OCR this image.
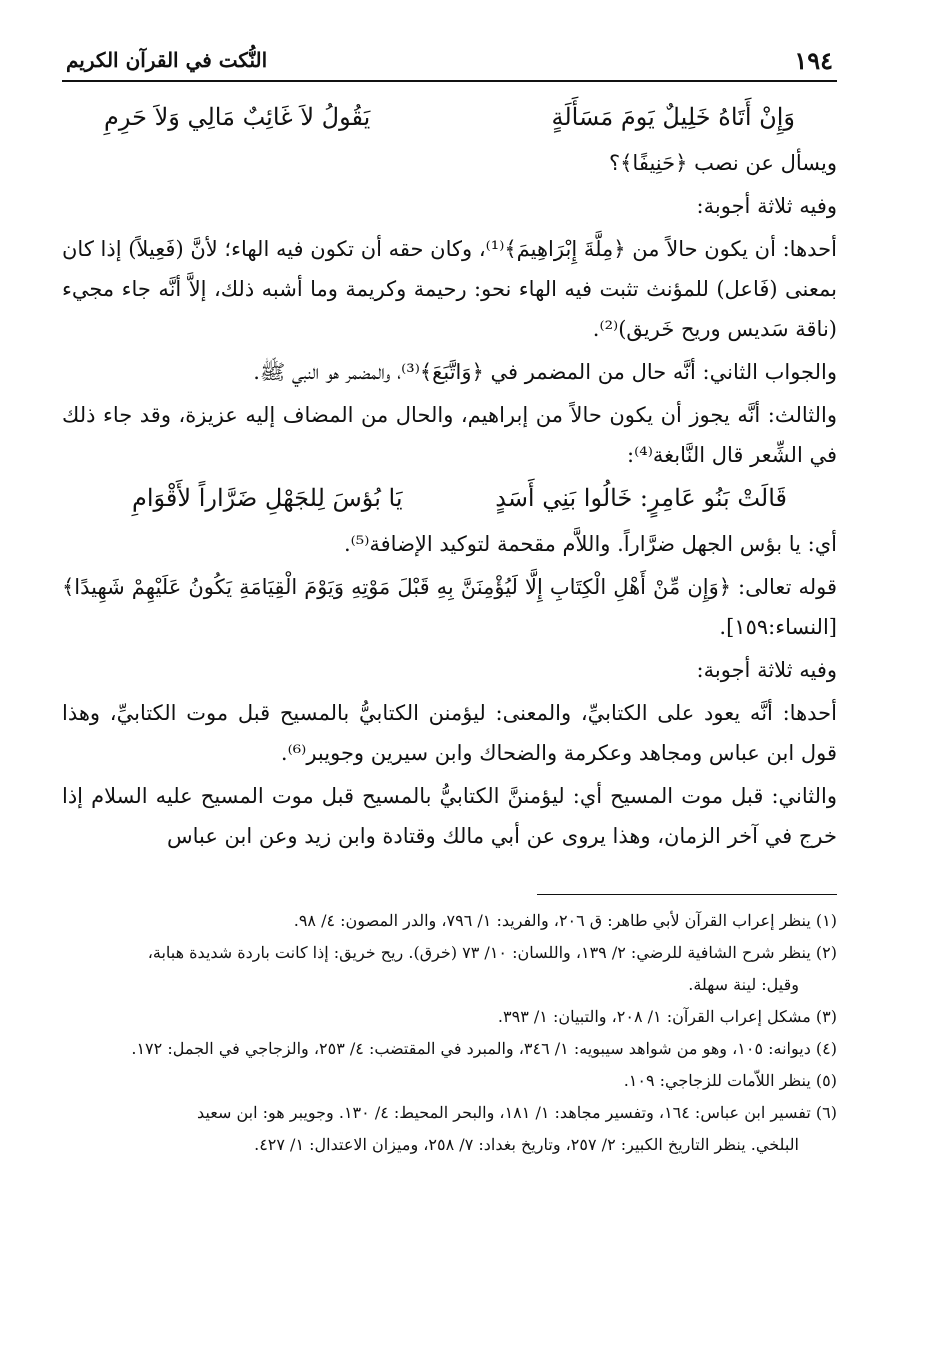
١٩٤
النُّكت في القرآن الكريم
وَإِنْ أَتَاهُ خَلِيلٌ يَومَ مَسَأَلَةٍ
يَقُولُ لاَ غَائِبٌ مَالِي وَلاَ حَرِمِ

ويسأل عن نصب ﴿حَنِيفًا﴾؟

وفيه ثلاثة أجوبة:

أحدها: أن يكون حالاً من ﴿مِلَّةَ إِبْرَاهِيمَ﴾⁽¹⁾، وكان حقه أن تكون فيه الهاء؛ لأنَّ (فَعِيلاً) إذا كان بمعنى (فَاعل) للمؤنث تثبت فيه الهاء نحو: رحيمة وكريمة وما أشبه ذلك، إلاَّ أنَّه جاء مجيء (ناقة سَديس وريح خَريق)⁽²⁾.

والجواب الثاني: أنَّه حال من المضمر في ﴿وَاتَّبَعَ﴾⁽³⁾، والمضمر هو النبي ﷺ.

والثالث: أنَّه يجوز أن يكون حالاً من إبراهيم، والحال من المضاف إليه عزيزة، وقد جاء ذلك في الشِّعر قال النَّابغة⁽⁴⁾:

قَالَتْ بَنُو عَامِرٍ: خَالُوا بَنِي أَسَدٍ
يَا بُؤسَ لِلجَهْلِ ضَرَّاراً لأَقْوَامِ

أي: يا بؤس الجهل ضرَّاراً. واللاَّم مقحمة لتوكيد الإضافة⁽⁵⁾.

قوله تعالى: ﴿وَإِن مِّنْ أَهْلِ الْكِتَابِ إِلَّا لَيُؤْمِنَنَّ بِهِ قَبْلَ مَوْتِهِ وَيَوْمَ الْقِيَامَةِ يَكُونُ عَلَيْهِمْ شَهِيدًا﴾ [النساء:١٥٩].

وفيه ثلاثة أجوبة:

أحدها: أنَّه يعود على الكتابيِّ، والمعنى: ليؤمنن الكتابيُّ بالمسيح قبل موت الكتابيِّ، وهذا قول ابن عباس ومجاهد وعكرمة والضحاك وابن سيرين وجويبر⁽⁶⁾.

والثاني: قبل موت المسيح أي: ليؤمننَّ الكتابيُّ بالمسيح قبل موت المسيح عليه السلام إذا خرج في آخر الزمان، وهذا يروى عن أبي مالك وقتادة وابن زيد وعن ابن عباس

(١) ينظر إعراب القرآن لأبي طاهر: ق ٢٠٦، والفريد: ١/ ٧٩٦، والدر المصون: ٤/ ٩٨.

(٢) ينظر شرح الشافية للرضي: ٢/ ١٣٩، واللسان: ١٠/ ٧٣ (خرق). ريح خريق: إذا كانت باردة شديدة هبابة،

وقيل: لينة سهلة.

(٣) مشكل إعراب القرآن: ١/ ٢٠٨، والتبيان: ١/ ٣٩٣.

(٤) ديوانه: ١٠٥، وهو من شواهد سيبويه: ١/ ٣٤٦، والمبرد في المقتضب: ٤/ ٢٥٣، والزجاجي في الجمل: ١٧٢.

(٥) ينظر اللاّمات للزجاجي: ١٠٩.

(٦) تفسير ابن عباس: ١٦٤، وتفسير مجاهد: ١/ ١٨١، والبحر المحيط: ٤/ ١٣٠. وجويبر هو: ابن سعيد

البلخي. ينظر التاريخ الكبير: ٢/ ٢٥٧، وتاريخ بغداد: ٧/ ٢٥٨، وميزان الاعتدال: ١/ ٤٢٧.
